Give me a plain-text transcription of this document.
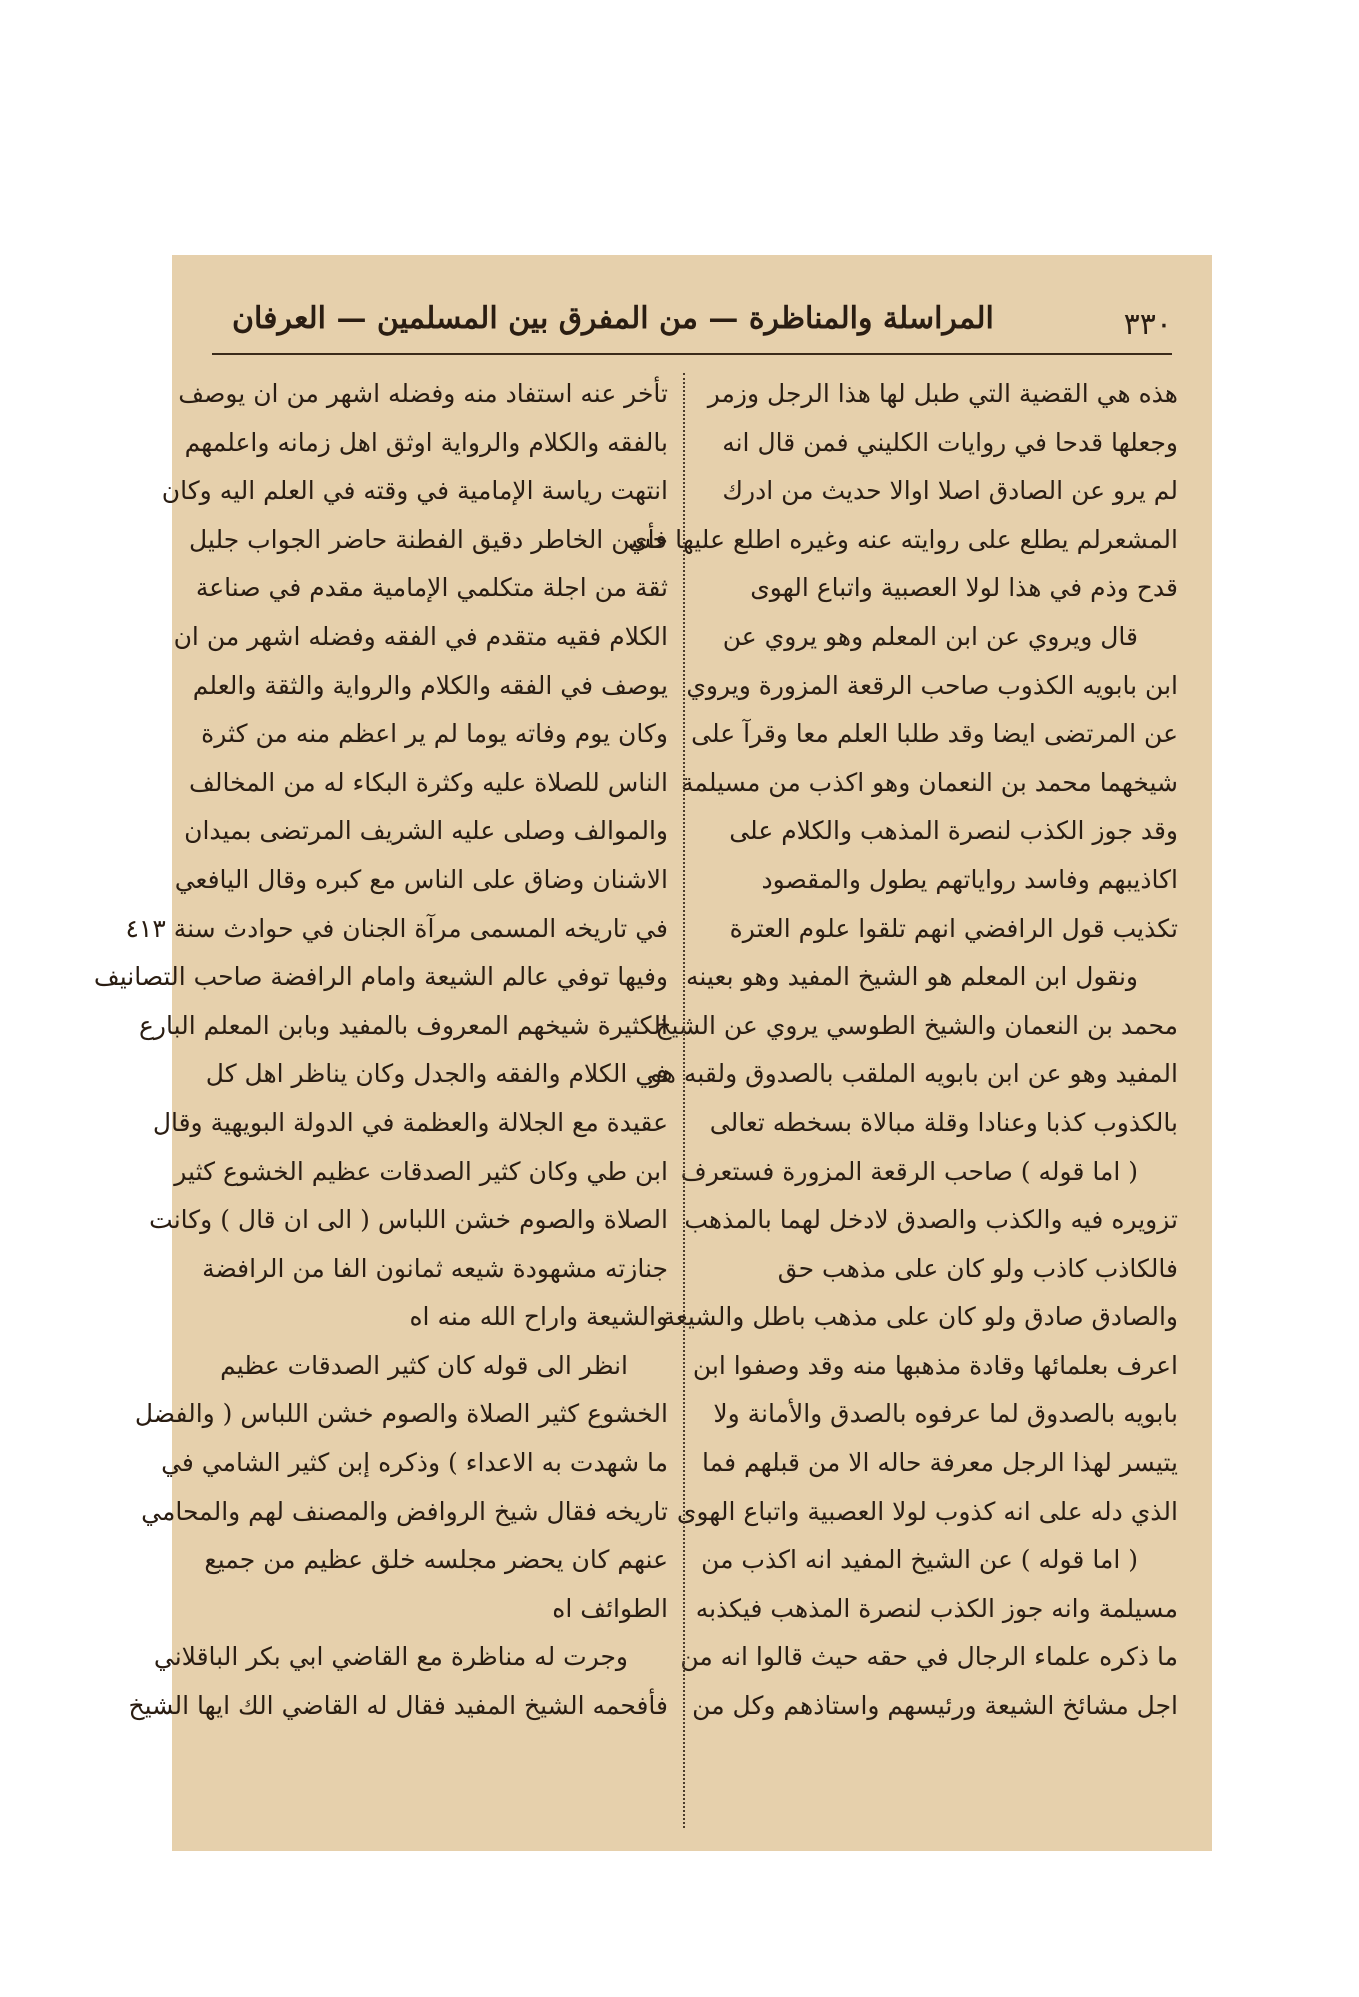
٣٣٠
المراسلة والمناظرة — من المفرق بين المسلمين — العرفان
هذه هي القضية التي طبل لها هذا الرجل وزمر
وجعلها قدحا في روايات الكليني فمن قال انه
لم يرو عن الصادق اصلا اوالا حديث من ادرك
المشعرلم يطلع على روايته عنه وغيره اطلع عليها فأي
قدح وذم في هذا لولا العصبية واتباع الهوى
قال ويروي عن ابن المعلم وهو يروي عن
ابن بابويه الكذوب صاحب الرقعة المزورة ويروي
عن المرتضى ايضا وقد طلبا العلم معا وقرآ على
شيخهما محمد بن النعمان وهو اكذب من مسيلمة
وقد جوز الكذب لنصرة المذهب والكلام على
اكاذيبهم وفاسد رواياتهم يطول والمقصود
تكذيب قول الرافضي انهم تلقوا علوم العترة
ونقول ابن المعلم هو الشيخ المفيد وهو بعينه
محمد بن النعمان والشيخ الطوسي يروي عن الشيخ
المفيد وهو عن ابن بابويه الملقب بالصدوق ولقبه هو
بالكذوب كذبا وعنادا وقلة مبالاة بسخطه تعالى
( اما قوله ) صاحب الرقعة المزورة فستعرف
تزويره فيه والكذب والصدق لادخل لهما بالمذهب
فالكاذب كاذب ولو كان على مذهب حق
والصادق صادق ولو كان على مذهب باطل والشيعة
اعرف بعلمائها وقادة مذهبها منه وقد وصفوا ابن
بابويه بالصدوق لما عرفوه بالصدق والأمانة ولا
يتيسر لهذا الرجل معرفة حاله الا من قبلهم فما
الذي دله على انه كذوب لولا العصبية واتباع الهوى
( اما قوله ) عن الشيخ المفيد انه اكذب من
مسيلمة وانه جوز الكذب لنصرة المذهب فيكذبه
ما ذكره علماء الرجال في حقه حيث قالوا انه من
اجل مشائخ الشيعة ورئيسهم واستاذهم وكل من
تأخر عنه استفاد منه وفضله اشهر من ان يوصف
بالفقه والكلام والرواية اوثق اهل زمانه واعلمهم
انتهت رياسة الإمامية في وقته في العلم اليه وكان
حسن الخاطر دقيق الفطنة حاضر الجواب جليل
ثقة من اجلة متكلمي الإمامية مقدم في صناعة
الكلام فقيه متقدم في الفقه وفضله اشهر من ان
يوصف في الفقه والكلام والرواية والثقة والعلم
وكان يوم وفاته يوما لم ير اعظم منه من كثرة
الناس للصلاة عليه وكثرة البكاء له من المخالف
والموالف وصلى عليه الشريف المرتضى بميدان
الاشنان وضاق على الناس مع كبره وقال اليافعي
في تاريخه المسمى مرآة الجنان في حوادث سنة ٤١٣
وفيها توفي عالم الشيعة وامام الرافضة صاحب التصانيف
الكثيرة شيخهم المعروف بالمفيد وبابن المعلم البارع
في الكلام والفقه والجدل وكان يناظر اهل كل
عقيدة مع الجلالة والعظمة في الدولة البويهية وقال
ابن طي وكان كثير الصدقات عظيم الخشوع كثير
الصلاة والصوم خشن اللباس ( الى ان قال ) وكانت
جنازته مشهودة شيعه ثمانون الفا من الرافضة
والشيعة واراح الله منه اه
انظر الى قوله كان كثير الصدقات عظيم
الخشوع كثير الصلاة والصوم خشن اللباس ( والفضل
ما شهدت به الاعداء ) وذكره إبن كثير الشامي في
تاريخه فقال شيخ الروافض والمصنف لهم والمحامي
عنهم كان يحضر مجلسه خلق عظيم من جميع
الطوائف اه
وجرت له مناظرة مع القاضي ابي بكر الباقلاني
فأفحمه الشيخ المفيد فقال له القاضي الك ايها الشيخ
